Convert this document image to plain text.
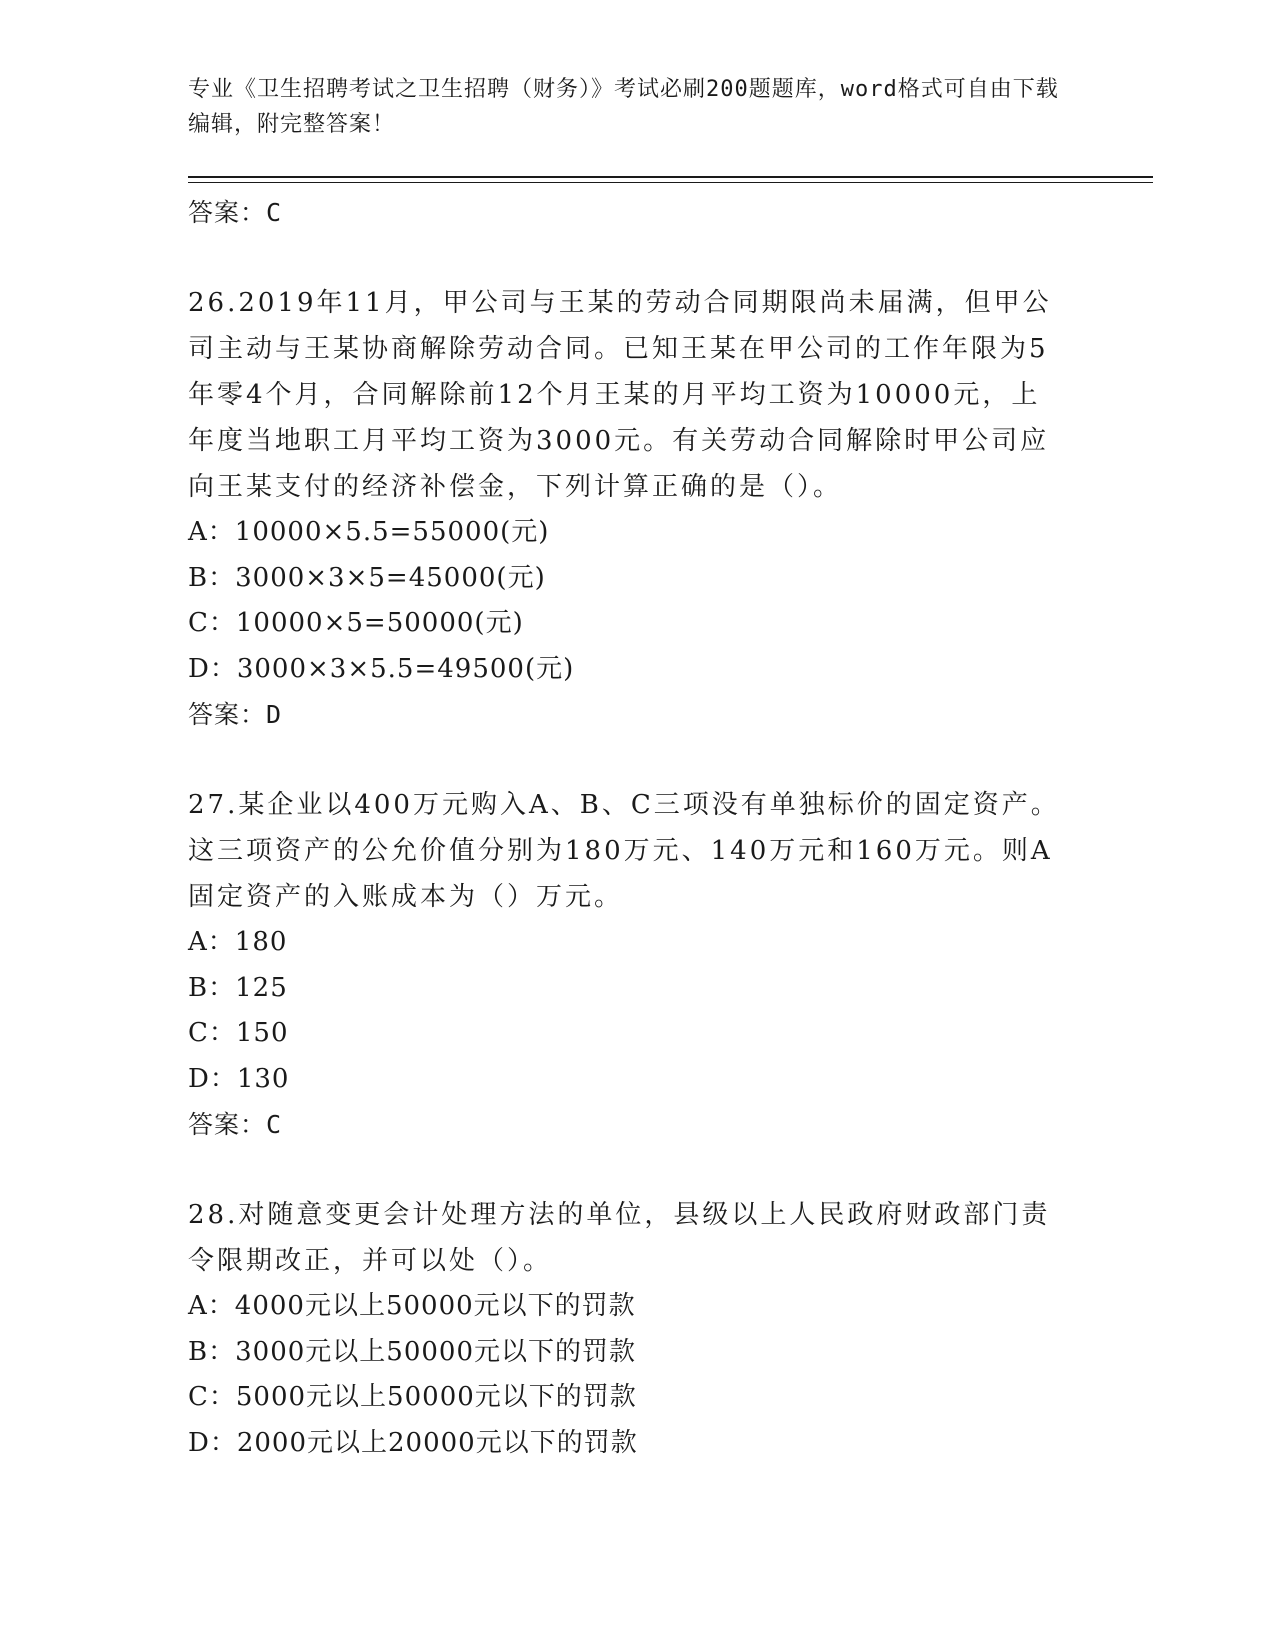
专业《卫生招聘考试之卫生招聘（财务）》考试必刷200题题库，word格式可自由下载编辑，附完整答案！
答案：C

26.2019年11月，甲公司与王某的劳动合同期限尚未届满，但甲公司主动与王某协商解除劳动合同。已知王某在甲公司的工作年限为5年零4个月，合同解除前12个月王某的月平均工资为10000元，上年度当地职工月平均工资为3000元。有关劳动合同解除时甲公司应向王某支付的经济补偿金，下列计算正确的是（）。

A：10000×5.5=55000(元)
B：3000×3×5=45000(元)
C：10000×5=50000(元)
D：3000×3×5.5=49500(元)
答案：D

27.某企业以400万元购入A、B、C三项没有单独标价的固定资产。这三项资产的公允价值分别为180万元、140万元和160万元。则A固定资产的入账成本为（）万元。

A：180
B：125
C：150
D：130
答案：C

28.对随意变更会计处理方法的单位，县级以上人民政府财政部门责令限期改正，并可以处（）。

A：4000元以上50000元以下的罚款
B：3000元以上50000元以下的罚款
C：5000元以上50000元以下的罚款
D：2000元以上20000元以下的罚款
